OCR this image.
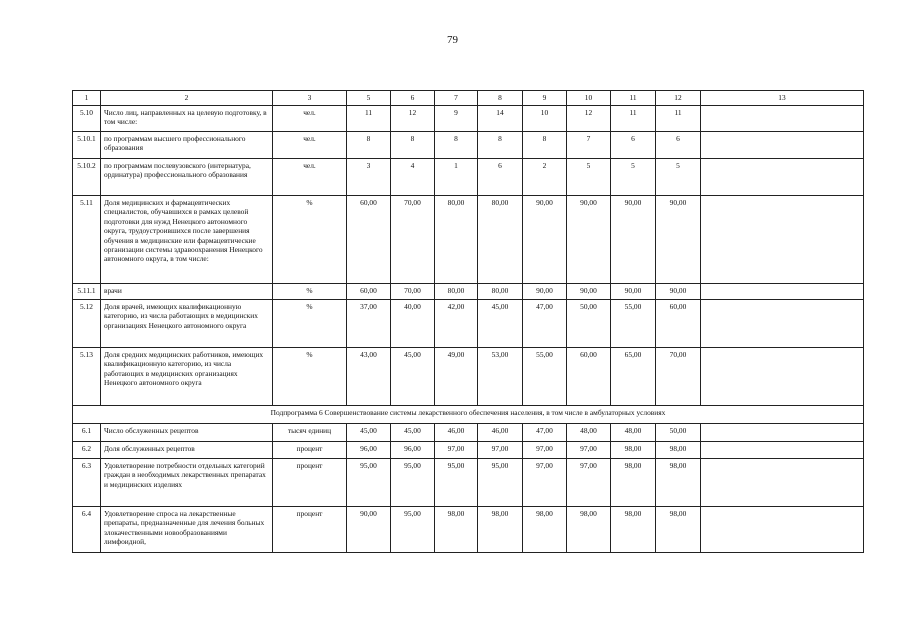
79
1	2	3	5	6	7	8	9	10	11	12	13
5.10	Число лиц, направленных на целевую подготовку, в том числе:	чел.	11	12	9	14	10	12	11	11	
5.10.1	по программам высшего профессионального образования	чел.	8	8	8	8	8	7	6	6	
5.10.2	по программам послевузовского (интернатура, ординатура) профессионального образования	чел.	3	4	1	6	2	5	5	5	
5.11	Доля медицинских и фармацевтических специалистов, обучавшихся в рамках целевой подготовки для нужд Ненецкого автономного округа, трудоустроившихся после завершения обучения в медицинские или фармацевтические организации системы здравоохранения Ненецкого автономного округа, в том числе:	%	60,00	70,00	80,00	80,00	90,00	90,00	90,00	90,00	
5.11.1	врачи	%	60,00	70,00	80,00	80,00	90,00	90,00	90,00	90,00	
5.12	Доля врачей, имеющих квалификационную категорию, из числа работающих в медицинских организациях Ненецкого автономного округа	%	37,00	40,00	42,00	45,00	47,00	50,00	55,00	60,00	
5.13	Доля средних медицинских работников, имеющих квалификационную категорию, из числа работающих в медицинских организациях Ненецкого автономного округа	%	43,00	45,00	49,00	53,00	55,00	60,00	65,00	70,00	
Подпрограмма 6 Совершенствование системы лекарственного обеспечения населения, в том числе в амбулаторных условиях											
6.1	Число обслуженных рецептов	тысяч единиц	45,00	45,00	46,00	46,00	47,00	48,00	48,00	50,00	
6.2	Доля обслуженных рецептов	процент	96,00	96,00	97,00	97,00	97,00	97,00	98,00	98,00	
6.3	Удовлетворение потребности отдельных категорий граждан в необходимых лекарственных препаратах и медицинских изделиях	процент	95,00	95,00	95,00	95,00	97,00	97,00	98,00	98,00	
6.4	Удовлетворение спроса на лекарственные препараты, предназначенные для лечения больных злокачественными новообразованиями лимфоидной,	процент	90,00	95,00	98,00	98,00	98,00	98,00	98,00	98,00	
